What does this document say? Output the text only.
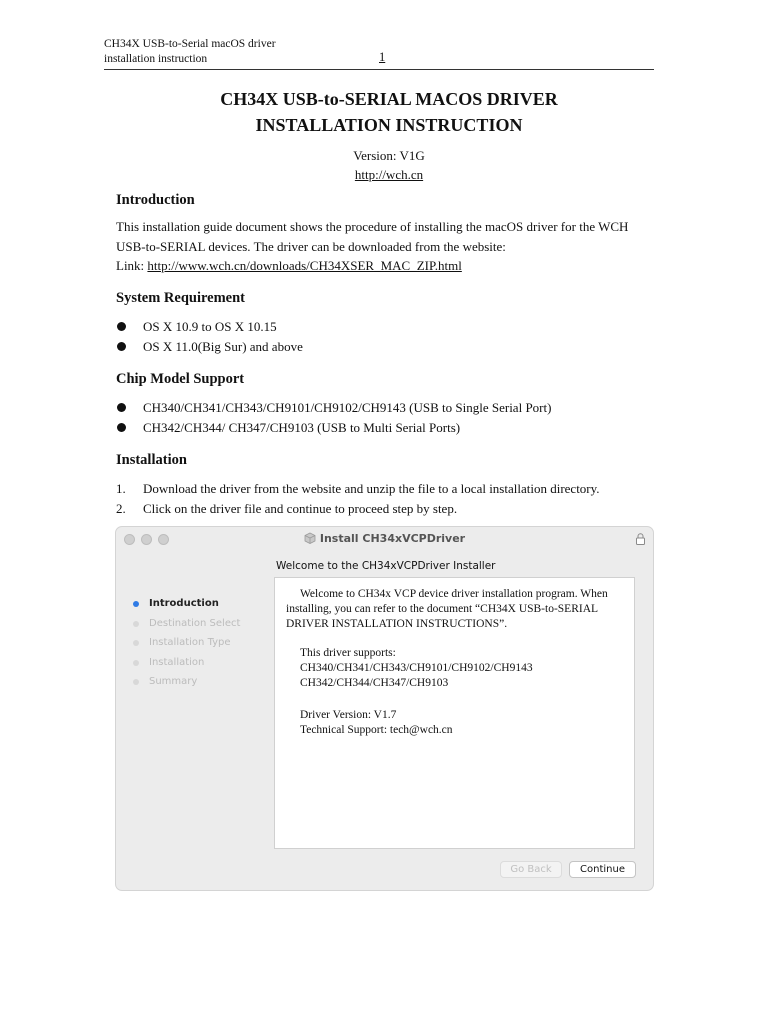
CH34X USB-to-Serial macOS driver
installation instruction	1
CH34X USB-to-SERIAL MACOS DRIVER
INSTALLATION INSTRUCTION
Version: V1G
http://wch.cn
Introduction
This installation guide document shows the procedure of installing the macOS driver for the WCH
USB-to-SERIAL devices. The driver can be downloaded from the website:
Link: http://www.wch.cn/downloads/CH34XSER_MAC_ZIP.html
System Requirement
OS X 10.9 to OS X 10.15
OS X 11.0(Big Sur) and above
Chip Model Support
CH340/CH341/CH343/CH9101/CH9102/CH9143 (USB to Single Serial Port)
CH342/CH344/ CH347/CH9103 (USB to Multi Serial Ports)
Installation
1. Download the driver from the website and unzip the file to a local installation directory.
2. Click on the driver file and continue to proceed step by step.
Install CH34xVCPDriver
Welcome to the CH34xVCPDriver Installer
Introduction
Destination Select
Installation Type
Installation
Summary
Welcome to CH34x VCP device driver installation program. When installing, you can refer to the document “CH34X USB-to-SERIAL DRIVER INSTALLATION INSTRUCTIONS”.
This driver supports:
CH340/CH341/CH343/CH9101/CH9102/CH9143
CH342/CH344/CH347/CH9103
Driver Version: V1.7
Technical Support: tech@wch.cn
Go Back	Continue
